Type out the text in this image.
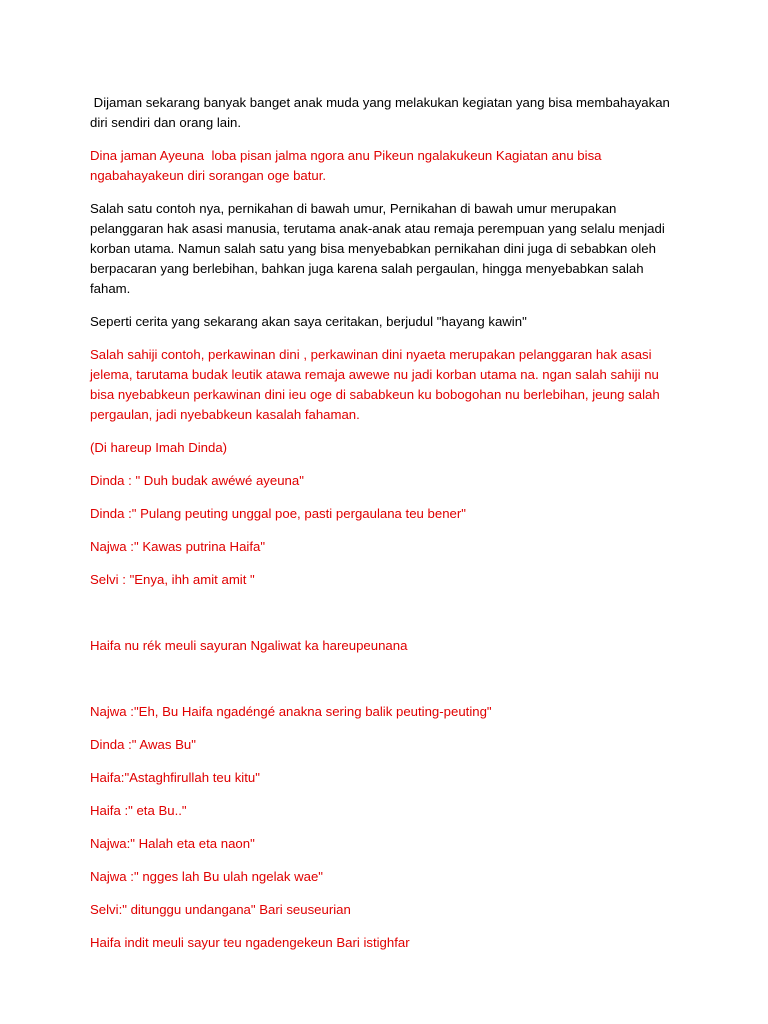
Dijaman sekarang banyak banget anak muda yang melakukan kegiatan yang bisa membahayakan diri sendiri dan orang lain.

Dina jaman Ayeuna  loba pisan jalma ngora anu Pikeun ngalakukeun Kagiatan anu bisa ngabahayakeun diri sorangan oge batur.

Salah satu contoh nya, pernikahan di bawah umur, Pernikahan di bawah umur merupakan pelanggaran hak asasi manusia, terutama anak-anak atau remaja perempuan yang selalu menjadi korban utama. Namun salah satu yang bisa menyebabkan pernikahan dini juga di sebabkan oleh berpacaran yang berlebihan, bahkan juga karena salah pergaulan, hingga menyebabkan salah faham.

Seperti cerita yang sekarang akan saya ceritakan, berjudul "hayang kawin"

Salah sahiji contoh, perkawinan dini , perkawinan dini nyaeta merupakan pelanggaran hak asasi jelema, tarutama budak leutik atawa remaja awewe nu jadi korban utama na. ngan salah sahiji nu bisa nyebabkeun perkawinan dini ieu oge di sababkeun ku bobogohan nu berlebihan, jeung salah pergaulan, jadi nyebabkeun kasalah fahaman.

(Di hareup Imah Dinda)

Dinda : " Duh budak awéwé ayeuna"

Dinda :" Pulang peuting unggal poe, pasti pergaulana teu bener"

Najwa :" Kawas putrina Haifa"

Selvi : "Enya, ihh amit amit "

Haifa nu rék meuli sayuran Ngaliwat ka hareupeunana

Najwa :"Eh, Bu Haifa ngadéngé anakna sering balik peuting-peuting"

Dinda :" Awas Bu"

Haifa:"Astaghfirullah teu kitu"

Haifa :" eta Bu.."

Najwa:" Halah eta eta naon"

Najwa :" ngges lah Bu ulah ngelak wae"

Selvi:" ditunggu undangana" Bari seuseurian

Haifa indit meuli sayur teu ngadengekeun Bari istighfar
